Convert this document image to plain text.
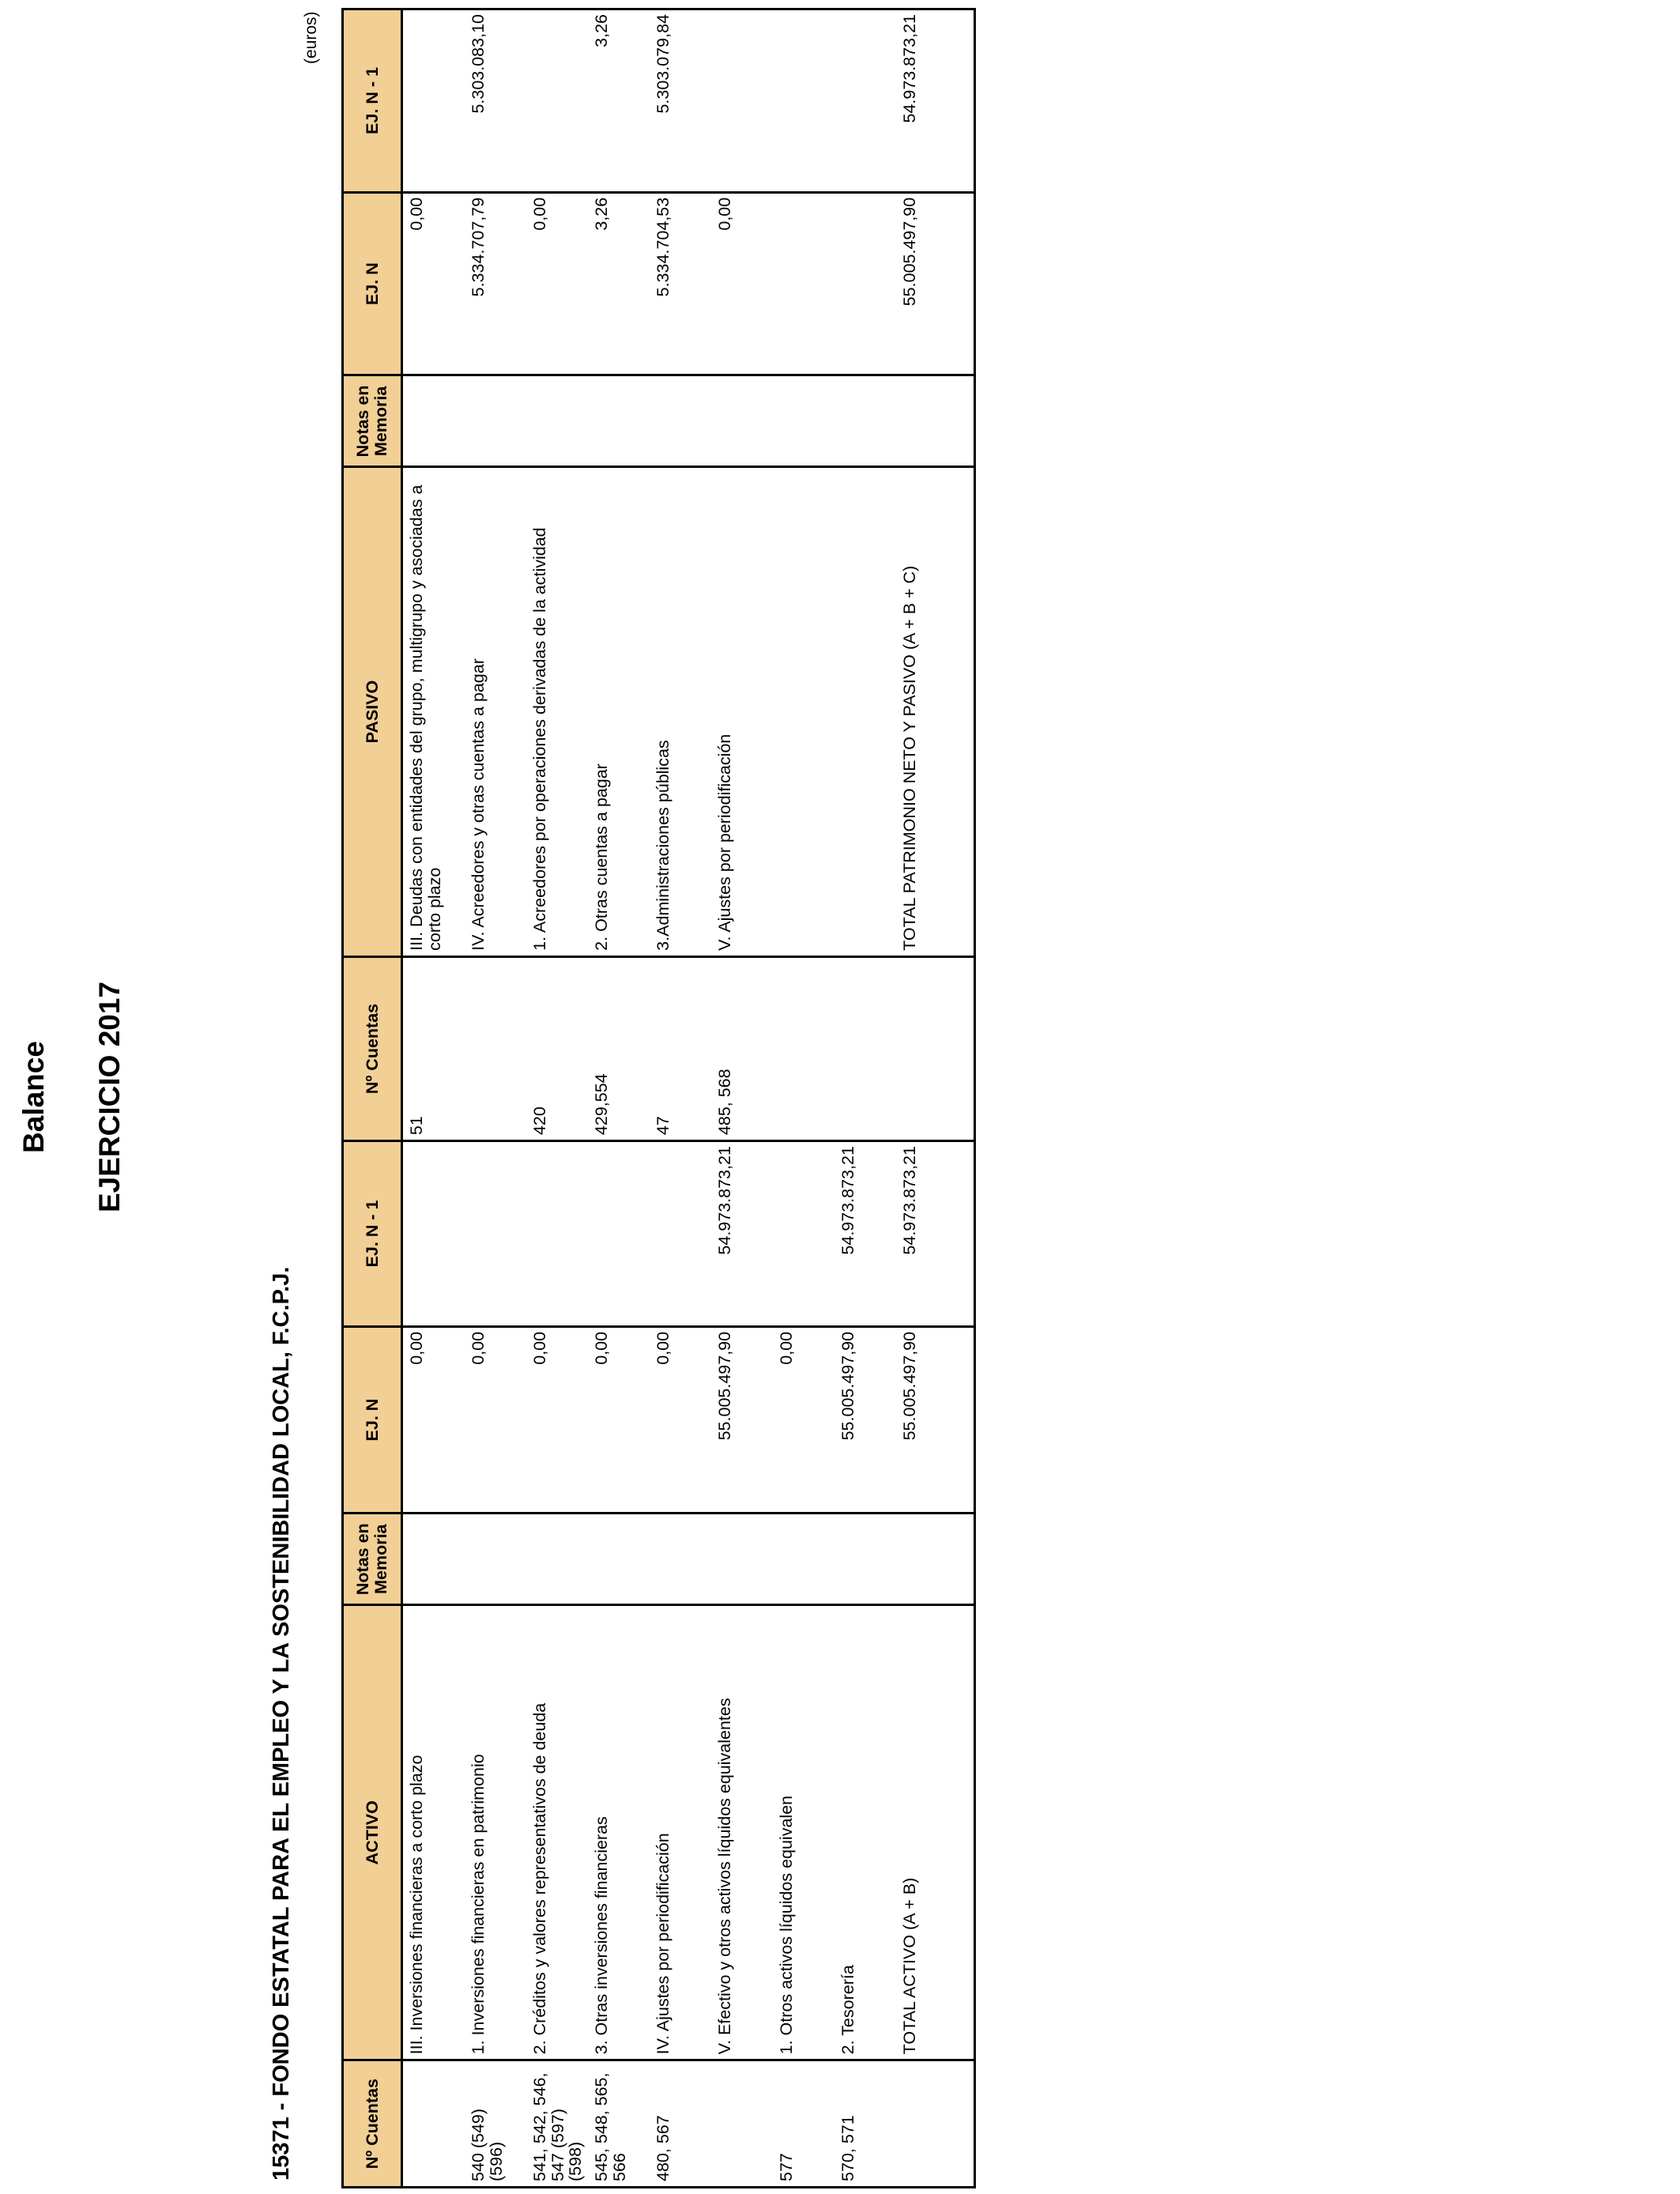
Balance EJERCICIO 2017
15371 - FONDO ESTATAL PARA EL EMPLEO Y LA SOSTENIBILIDAD LOCAL, F.C.P.J.
(euros)
Nº Cuentas	ACTIVO	Notas en Memoria	EJ. N	EJ. N - 1	Nº Cuentas	PASIVO	Notas en Memoria	EJ. N	EJ. N - 1
	III. Inversiones financieras a corto plazo		0,00		51	III. Deudas con entidades del grupo, multigrupo y asociadas a corto plazo		0,00	
540 (549) (596)	1. Inversiones financieras en patrimonio		0,00			IV. Acreedores y otras cuentas a pagar		5.334.707,79	5.303.083,10
541, 542, 546, 547 (597) (598)	2. Créditos y valores representativos de deuda		0,00		420	1. Acreedores por operaciones derivadas de la actividad		0,00	
545, 548, 565, 566	3. Otras inversiones financieras		0,00		429,554	2. Otras cuentas a pagar		3,26	3,26
480, 567	IV. Ajustes por periodificación		0,00		47	3.Administraciones públicas		5.334.704,53	5.303.079,84
	V. Efectivo y otros activos líquidos equivalentes		55.005.497,90	54.973.873,21	485, 568	V. Ajustes por periodificación		0,00	
577	1. Otros activos líquidos equivalen		0,00						
570, 571	2. Tesorería		55.005.497,90	54.973.873,21					
	TOTAL ACTIVO (A + B)		55.005.497,90	54.973.873,21		TOTAL PATRIMONIO NETO Y PASIVO (A + B + C)		55.005.497,90	54.973.873,21
